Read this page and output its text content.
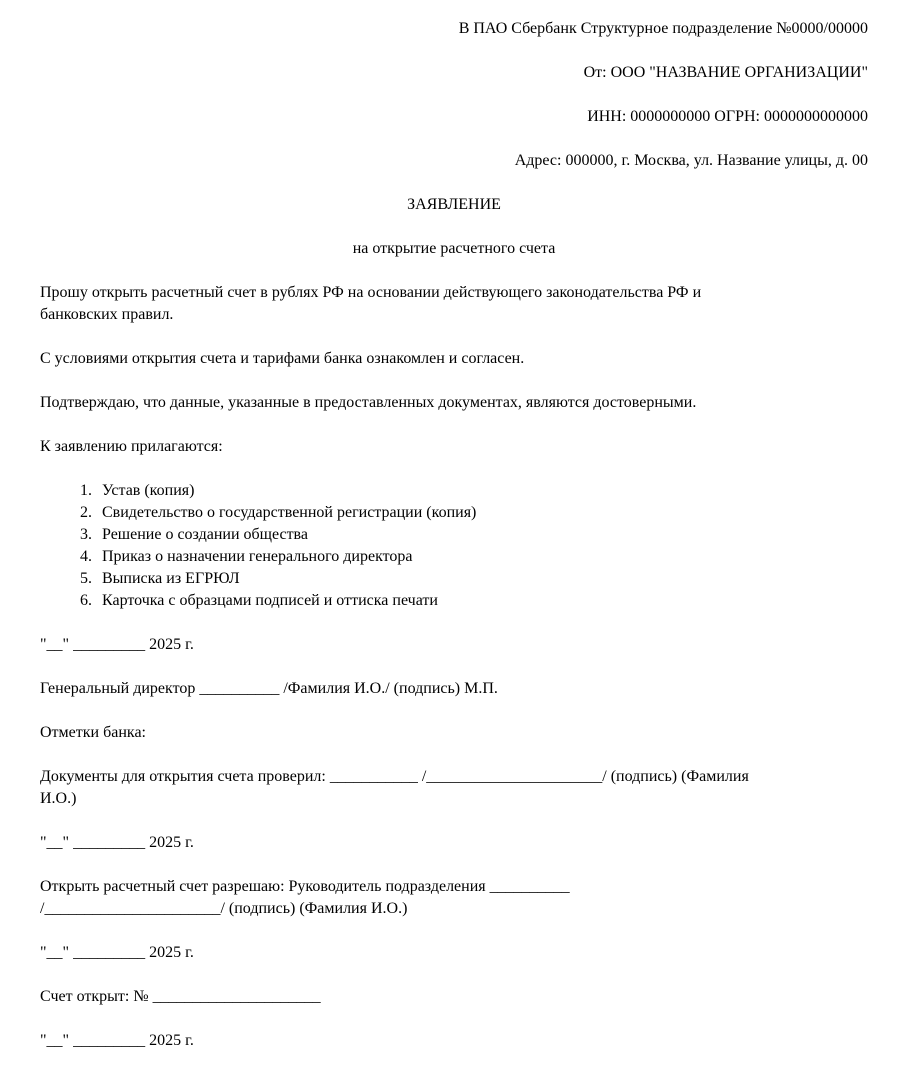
В ПАО Сбербанк Структурное подразделение №0000/00000
От: ООО "НАЗВАНИЕ ОРГАНИЗАЦИИ"
ИНН: 0000000000 ОГРН: 0000000000000
Адрес: 000000, г. Москва, ул. Название улицы, д. 00
ЗАЯВЛЕНИЕ
на открытие расчетного счета
Прошу открыть расчетный счет в рублях РФ на основании действующего законодательства РФ и
банковских правил.
С условиями открытия счета и тарифами банка ознакомлен и согласен.
Подтверждаю, что данные, указанные в предоставленных документах, являются достоверными.
К заявлению прилагаются:
1. Устав (копия)
2. Свидетельство о государственной регистрации (копия)
3. Решение о создании общества
4. Приказ о назначении генерального директора
5. Выписка из ЕГРЮЛ
6. Карточка с образцами подписей и оттиска печати
"__" _________ 2025 г.
Генеральный директор __________ /Фамилия И.О./ (подпись) М.П.
Отметки банка:
Документы для открытия счета проверил: ___________ /______________________/ (подпись) (Фамилия
И.О.)
"__" _________ 2025 г.
Открыть расчетный счет разрешаю: Руководитель подразделения __________
/______________________/ (подпись) (Фамилия И.О.)
"__" _________ 2025 г.
Счет открыт: № _____________________
"__" _________ 2025 г.
